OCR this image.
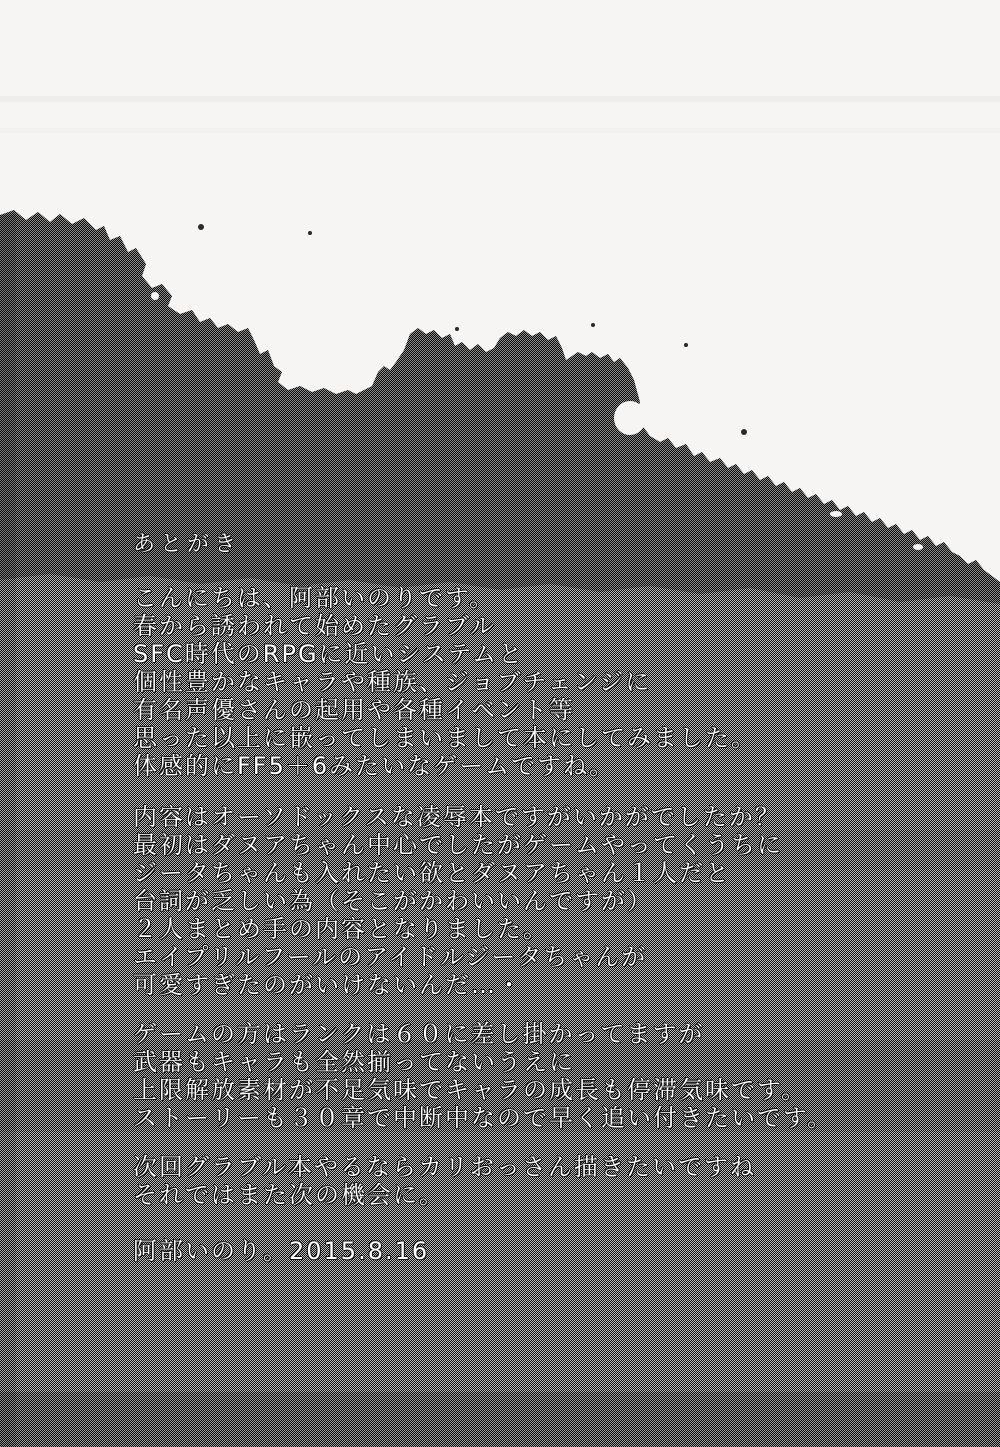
あとがき
こんにちは、阿部いのりです。
春から誘われて始めたグラブル
SFC時代のRPGに近いシステムと
個性豊かなキャラや種族、ジョブチェンジに
有名声優さんの起用や各種イベント等
思った以上に嵌ってしまいまして本にしてみました。
体感的にFF5＋6みたいなゲームですね。
内容はオーソドックスな凌辱本ですがいかがでしたか？
最初はダヌアちゃん中心でしたがゲームやってくうちに
ジータちゃんも入れたい欲とダヌアちゃん１人だと
台詞が乏しい為（そこがかわいいんですが）
２人まとめ手の内容となりました。
エイプリルフールのアイドルジータちゃんが
可愛すぎたのがいけないんだ…・
ゲームの方はランクは６０に差し掛かってますが
武器もキャラも全然揃ってないうえに
上限解放素材が不足気味でキャラの成長も停滞気味です。
ストーリーも３０章で中断中なので早く追い付きたいです。
次回グラブル本やるならカリおっさん描きたいですね
それではまた次の機会に。
阿部いのり。2015.8.16
